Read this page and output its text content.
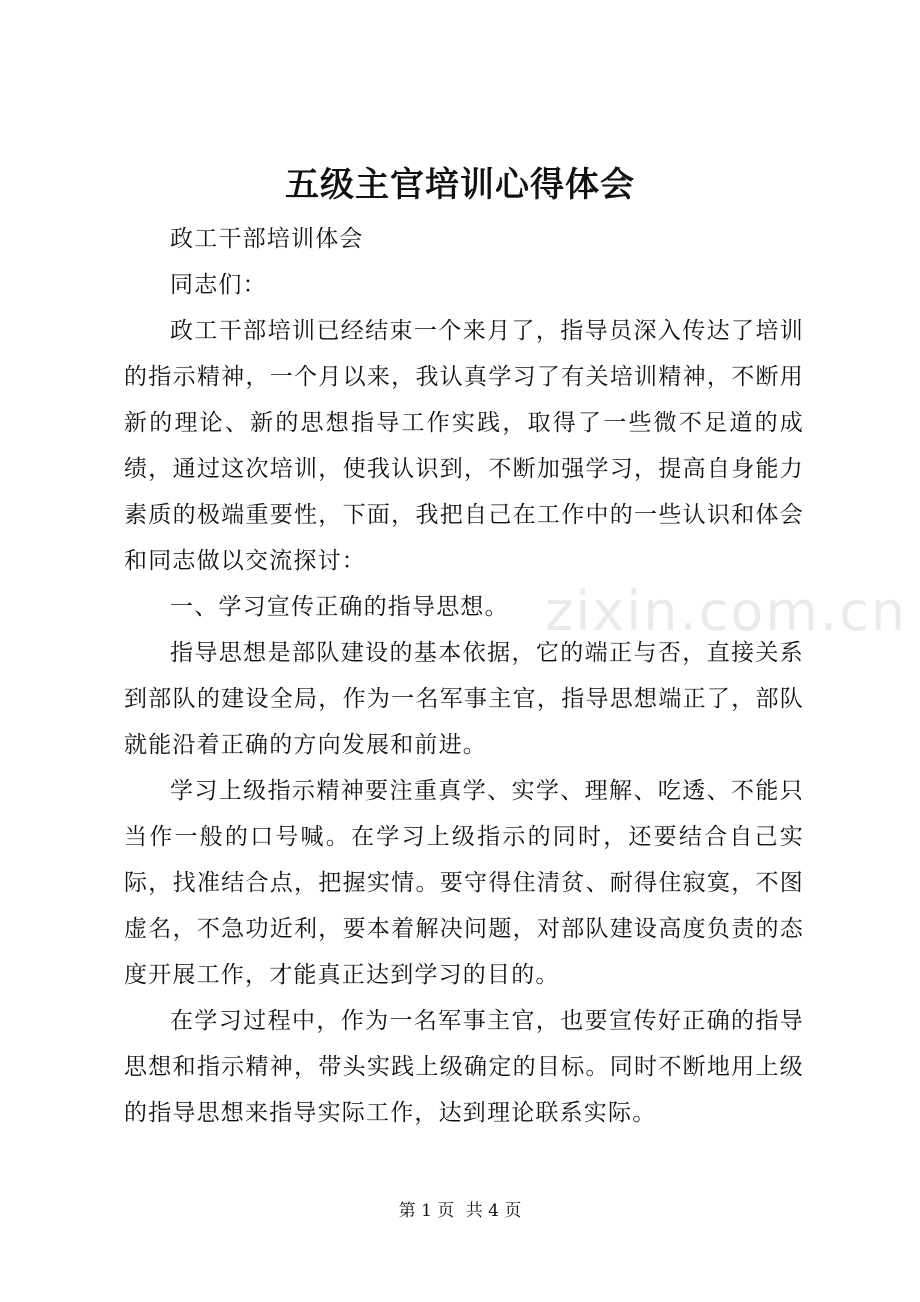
五级主官培训心得体会

政工干部培训体会

同志们：

政工干部培训已经结束一个来月了，指导员深入传达了培训的指示精神，一个月以来，我认真学习了有关培训精神，不断用新的理论、新的思想指导工作实践，取得了一些微不足道的成绩，通过这次培训，使我认识到，不断加强学习，提高自身能力素质的极端重要性，下面，我把自己在工作中的一些认识和体会和同志做以交流探讨：

一、学习宣传正确的指导思想。

指导思想是部队建设的基本依据，它的端正与否，直接关系到部队的建设全局，作为一名军事主官，指导思想端正了，部队就能沿着正确的方向发展和前进。

学习上级指示精神要注重真学、实学、理解、吃透、不能只当作一般的口号喊。在学习上级指示的同时，还要结合自己实际，找准结合点，把握实情。要守得住清贫、耐得住寂寞，不图虚名，不急功近利，要本着解决问题，对部队建设高度负责的态度开展工作，才能真正达到学习的目的。

在学习过程中，作为一名军事主官，也要宣传好正确的指导思想和指示精神，带头实践上级确定的目标。同时不断地用上级的指导思想来指导实际工作，达到理论联系实际。

zixin.com.cn
第 1 页 共 4 页
